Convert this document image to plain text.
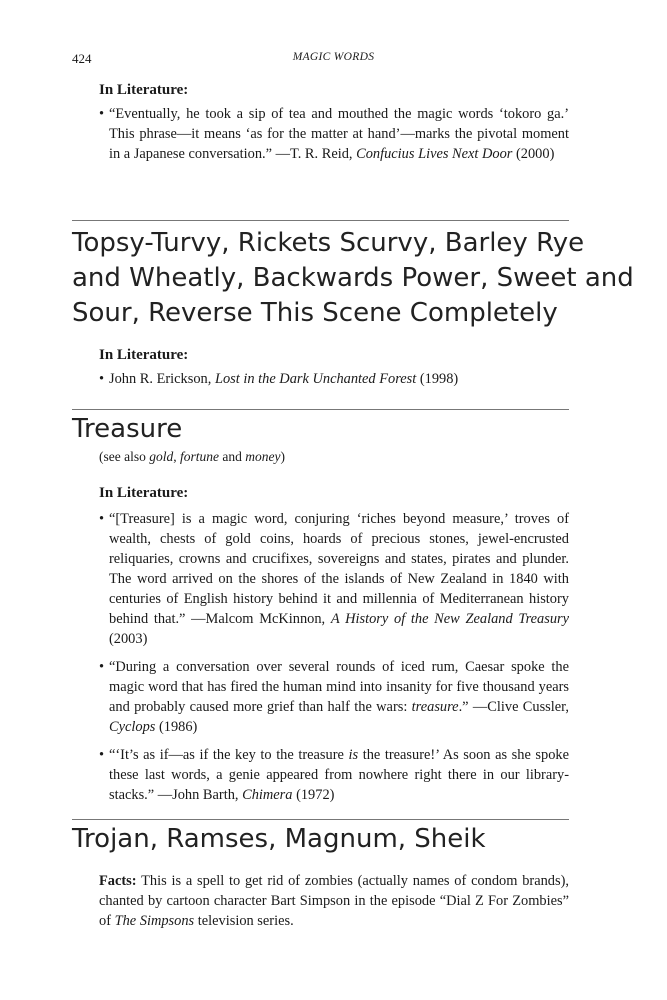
424	MAGIC WORDS
In Literature:
• “Eventually, he took a sip of tea and mouthed the magic words ‘tokoro ga.’ This phrase—it means ‘as for the matter at hand’—marks the pivotal moment in a Japanese conversation.” —T. R. Reid, Confucius Lives Next Door (2000)
Topsy-Turvy, Rickets Scurvy, Barley Rye
and Wheatly, Backwards Power, Sweet and
Sour, Reverse This Scene Completely
In Literature:
• John R. Erickson, Lost in the Dark Unchanted Forest (1998)
Treasure
(see also gold, fortune and money)
In Literature:
• “[Treasure] is a magic word, conjuring ‘riches beyond measure,’ troves of wealth, chests of gold coins, hoards of precious stones, jewel-encrusted reliquaries, crowns and crucifixes, sovereigns and states, pirates and plunder. The word arrived on the shores of the islands of New Zealand in 1840 with centuries of English history behind it and millennia of Mediterranean history behind that.” —Malcom McKinnon, A History of the New Zealand Treasury (2003)
• “During a conversation over several rounds of iced rum, Caesar spoke the magic word that has fired the human mind into insanity for five thousand years and probably caused more grief than half the wars: treasure.” —Clive Cussler, Cyclops (1986)
• “‘It’s as if—as if the key to the treasure is the treasure!’ As soon as she spoke these last words, a genie appeared from nowhere right there in our library-stacks.” —John Barth, Chimera (1972)
Trojan, Ramses, Magnum, Sheik
Facts: This is a spell to get rid of zombies (actually names of condom brands), chanted by cartoon character Bart Simpson in the episode “Dial Z For Zombies” of The Simpsons television series.
